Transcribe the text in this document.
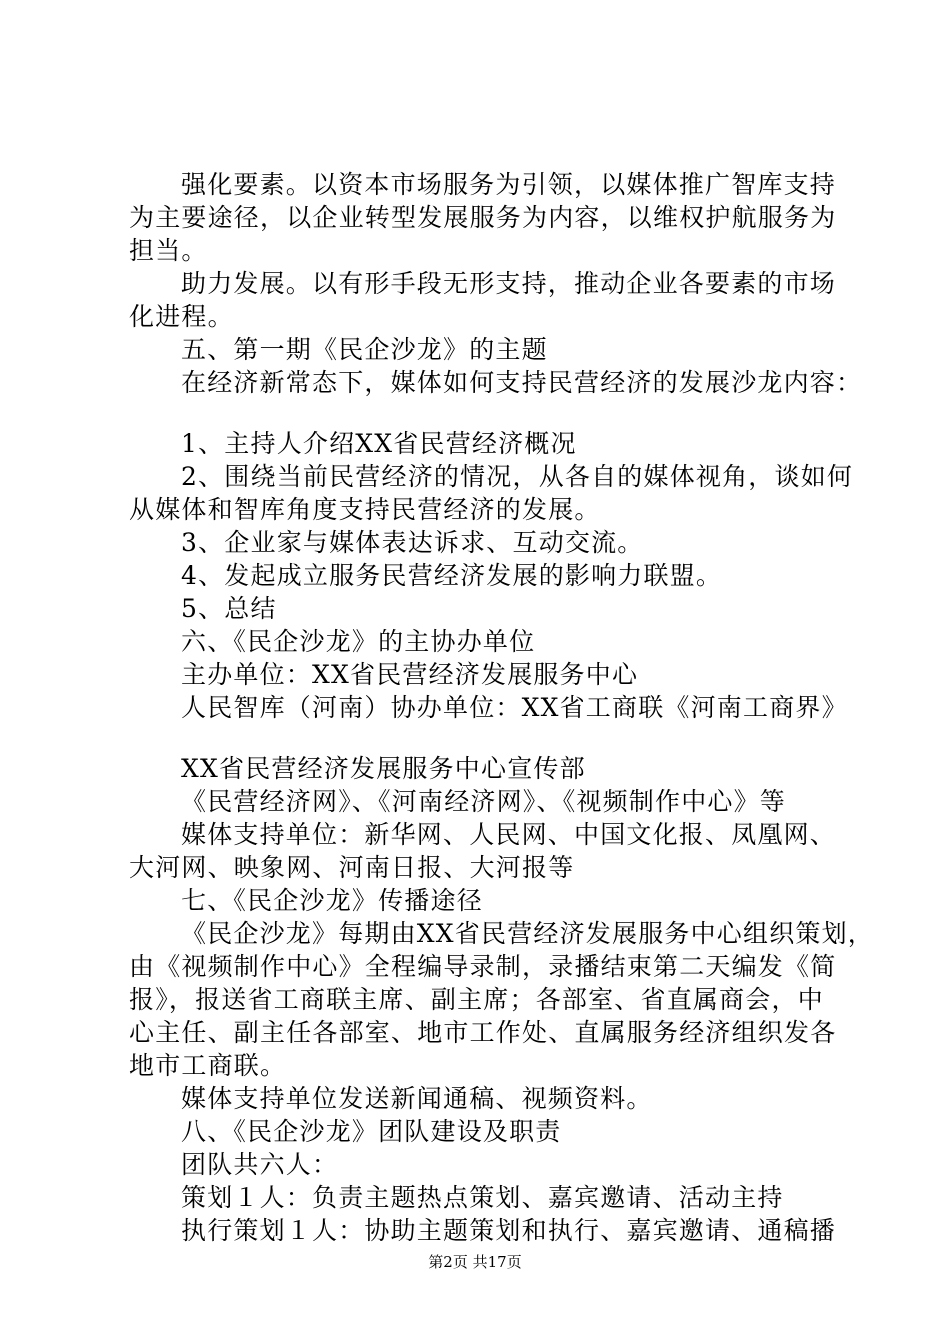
强化要素。以资本市场服务为引领，以媒体推广智库支持
为主要途径，以企业转型发展服务为内容，以维权护航服务为
担当。
助力发展。以有形手段无形支持，推动企业各要素的市场
化进程。
五、第一期《民企沙龙》的主题
在经济新常态下，媒体如何支持民营经济的发展沙龙内容：
1、主持人介绍XX省民营经济概况
2、围绕当前民营经济的情况，从各自的媒体视角，谈如何
从媒体和智库角度支持民营经济的发展。
3、企业家与媒体表达诉求、互动交流。
4、发起成立服务民营经济发展的影响力联盟。
5、总结
六、《民企沙龙》的主协办单位
主办单位：XX省民营经济发展服务中心
人民智库（河南）协办单位：XX省工商联《河南工商界》
XX省民营经济发展服务中心宣传部
《民营经济网》、《河南经济网》、《视频制作中心》等
媒体支持单位：新华网、人民网、中国文化报、凤凰网、
大河网、映象网、河南日报、大河报等
七、《民企沙龙》传播途径
《民企沙龙》每期由XX省民营经济发展服务中心组织策划，
由《视频制作中心》全程编导录制，录播结束第二天编发《简
报》，报送省工商联主席、副主席；各部室、省直属商会，中
心主任、副主任各部室、地市工作处、直属服务经济组织发各
地市工商联。
媒体支持单位发送新闻通稿、视频资料。
八、《民企沙龙》团队建设及职责
团队共六人：
策划１人：负责主题热点策划、嘉宾邀请、活动主持
执行策划１人：协助主题策划和执行、嘉宾邀请、通稿播
第2页 共17页
